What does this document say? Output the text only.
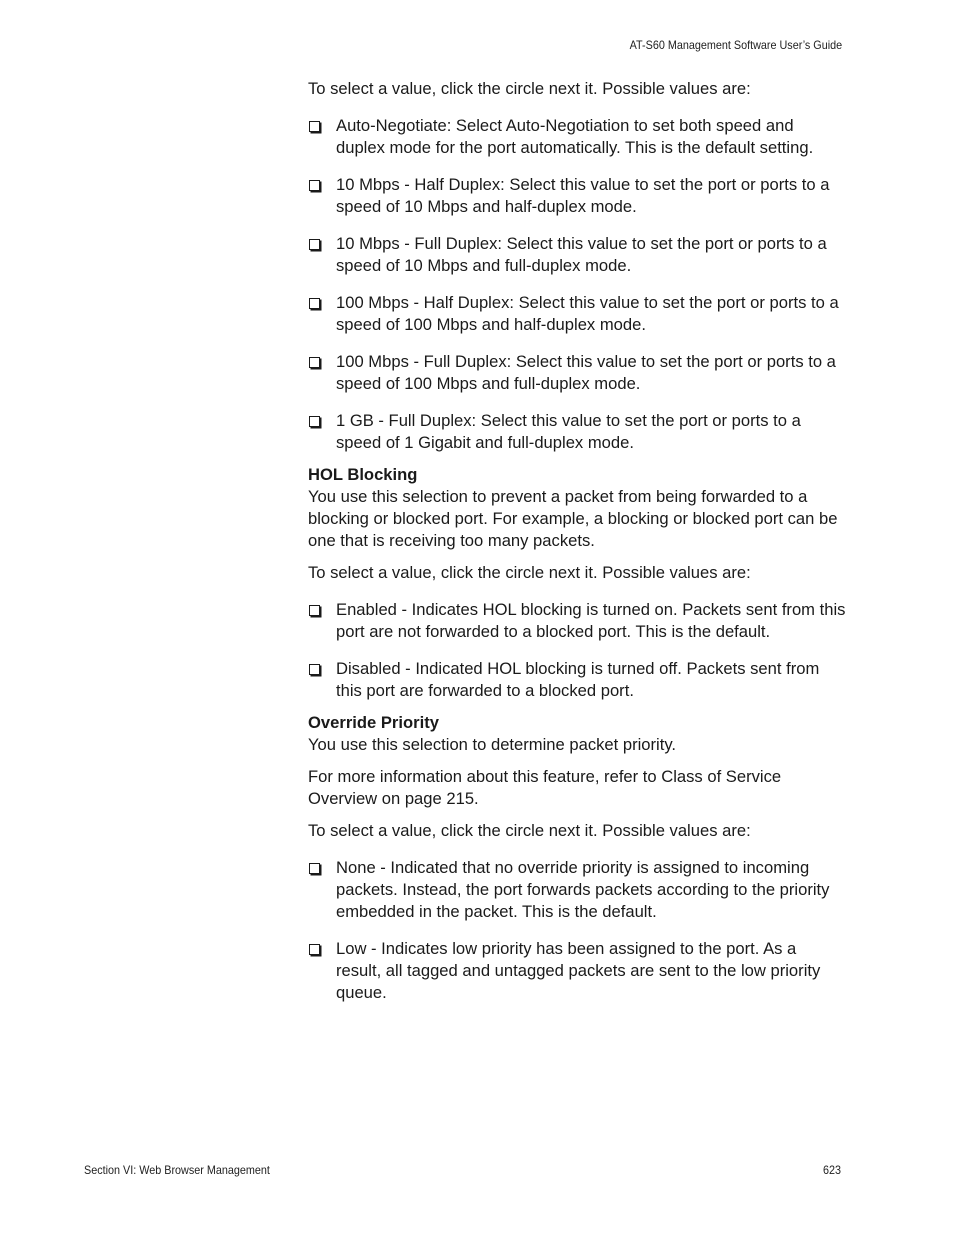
AT-S60 Management Software User’s Guide

To select a value, click the circle next it. Possible values are:

Auto-Negotiate: Select Auto-Negotiation to set both speed and duplex mode for the port automatically. This is the default setting.
10 Mbps - Half Duplex: Select this value to set the port or ports to a speed of 10 Mbps and half-duplex mode.
10 Mbps - Full Duplex: Select this value to set the port or ports to a speed of 10 Mbps and full-duplex mode.
100 Mbps - Half Duplex: Select this value to set the port or ports to a speed of 100 Mbps and half-duplex mode.
100 Mbps - Full Duplex: Select this value to set the port or ports to a speed of 100 Mbps and full-duplex mode.
1 GB - Full Duplex: Select this value to set the port or ports to a speed of 1 Gigabit and full-duplex mode.
HOL Blocking

You use this selection to prevent a packet from being forwarded to a blocking or blocked port. For example, a blocking or blocked port can be one that is receiving too many packets.

To select a value, click the circle next it. Possible values are:

Enabled - Indicates HOL blocking is turned on. Packets sent from this port are not forwarded to a blocked port. This is the default.
Disabled - Indicated HOL blocking is turned off. Packets sent from this port are forwarded to a blocked port.
Override Priority

You use this selection to determine packet priority.

For more information about this feature, refer to Class of Service Overview on page 215.

To select a value, click the circle next it. Possible values are:

None - Indicated that no override priority is assigned to incoming packets. Instead, the port forwards packets according to the priority embedded in the packet. This is the default.
Low - Indicates low priority has been assigned to the port. As a result, all tagged and untagged packets are sent to the low priority queue.
Section VI: Web Browser Management	623
